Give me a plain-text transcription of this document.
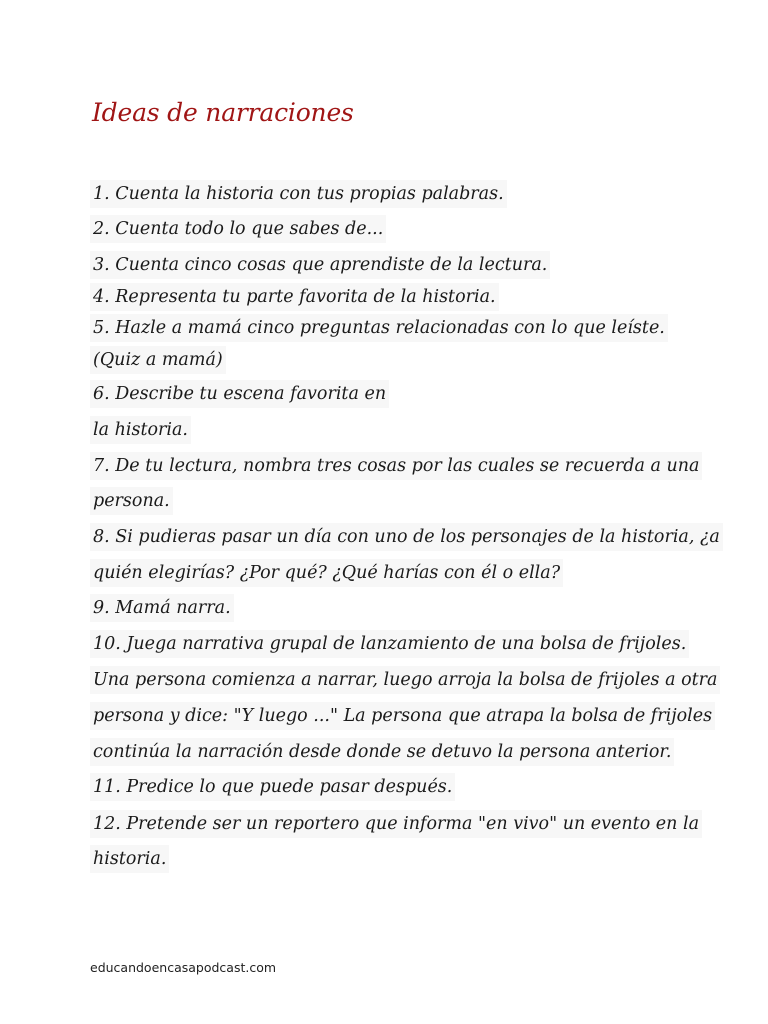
Ideas de narraciones
1. Cuenta la historia con tus propias palabras.
2. Cuenta todo lo que sabes de...
3. Cuenta cinco cosas que aprendiste de la lectura.
4. Representa tu parte favorita de la historia.
5. Hazle a mamá cinco preguntas relacionadas con lo que leíste.
(Quiz a mamá)
6. Describe tu escena favorita en
la historia.
7. De tu lectura, nombra tres cosas por las cuales se recuerda a una
persona.
8. Si pudieras pasar un día con uno de los personajes de la historia, ¿a
quién elegirías? ¿Por qué? ¿Qué harías con él o ella?
9. Mamá narra.
10. Juega narrativa grupal de lanzamiento de una bolsa de frijoles.
Una persona comienza a narrar, luego arroja la bolsa de frijoles a otra
persona y dice: "Y luego ..." La persona que atrapa la bolsa de frijoles
continúa la narración desde donde se detuvo la persona anterior.
11. Predice lo que puede pasar después.
12. Pretende ser un reportero que informa "en vivo" un evento en la
historia.
educandoencasapodcast.com
